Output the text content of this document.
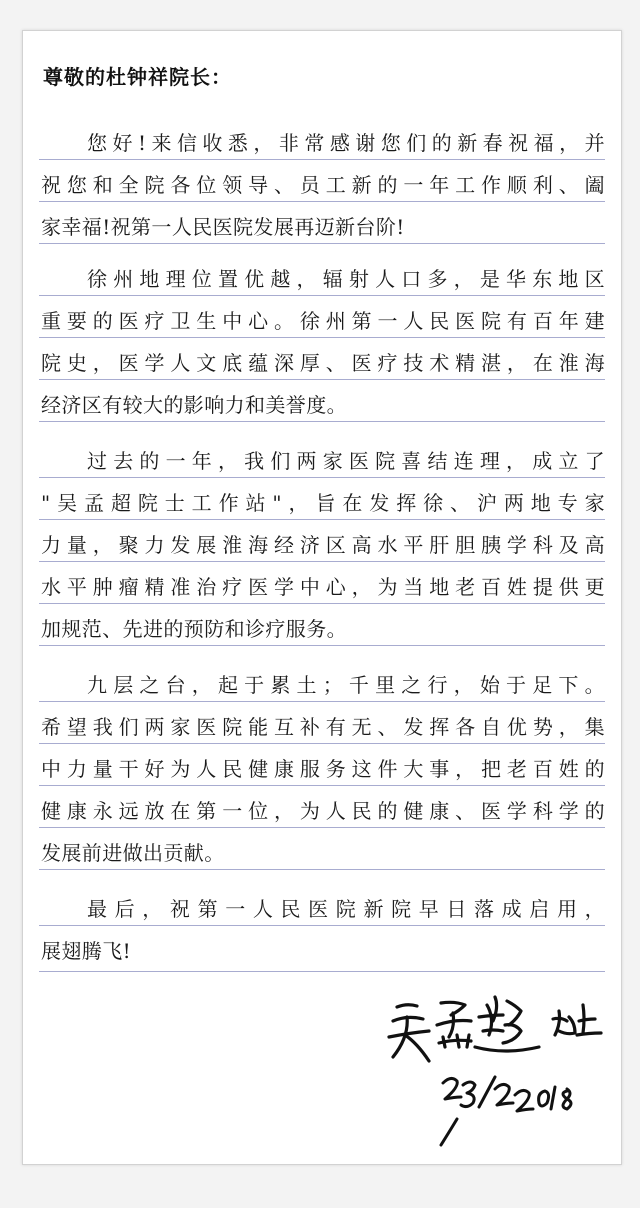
尊敬的杜钟祥院长：
您好!来信收悉，非常感谢您们的新春祝福，并
祝您和全院各位领导、员工新的一年工作顺利、阖
家幸福!祝第一人民医院发展再迈新台阶!
徐州地理位置优越，辐射人口多，是华东地区
重要的医疗卫生中心。徐州第一人民医院有百年建
院史，医学人文底蕴深厚、医疗技术精湛，在淮海
经济区有较大的影响力和美誉度。
过去的一年，我们两家医院喜结连理，成立了
"吴孟超院士工作站"，旨在发挥徐、沪两地专家
力量，聚力发展淮海经济区高水平肝胆胰学科及高
水平肿瘤精准治疗医学中心，为当地老百姓提供更
加规范、先进的预防和诊疗服务。
九层之台，起于累土；千里之行，始于足下。
希望我们两家医院能互补有无、发挥各自优势，集
中力量干好为人民健康服务这件大事，把老百姓的
健康永远放在第一位，为人民的健康、医学科学的
发展前进做出贡献。
最后，祝第一人民医院新院早日落成启用，
展翅腾飞!
